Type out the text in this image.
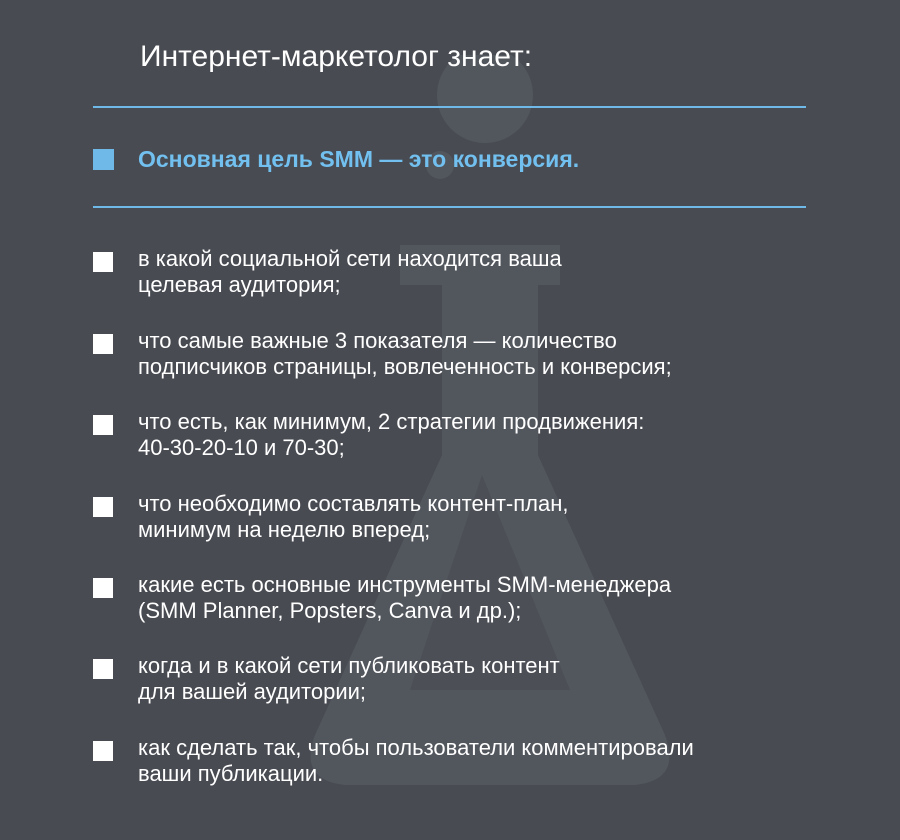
Интернет-маркетолог знает:
Основная цель SMM — это конверсия.
в какой социальной сети находится ваша
целевая аудитория;
что самые важные 3 показателя — количество
подписчиков страницы, вовлеченность и конверсия;
что есть, как минимум, 2 стратегии продвижения:
40-30-20-10 и 70-30;
что необходимо составлять контент-план,
минимум на неделю вперед;
какие есть основные инструменты SMM-менеджера
(SMM Planner, Popsters, Canva и др.);
когда и в какой сети публиковать контент
для вашей аудитории;
как сделать так, чтобы пользователи комментировали
ваши публикации.
